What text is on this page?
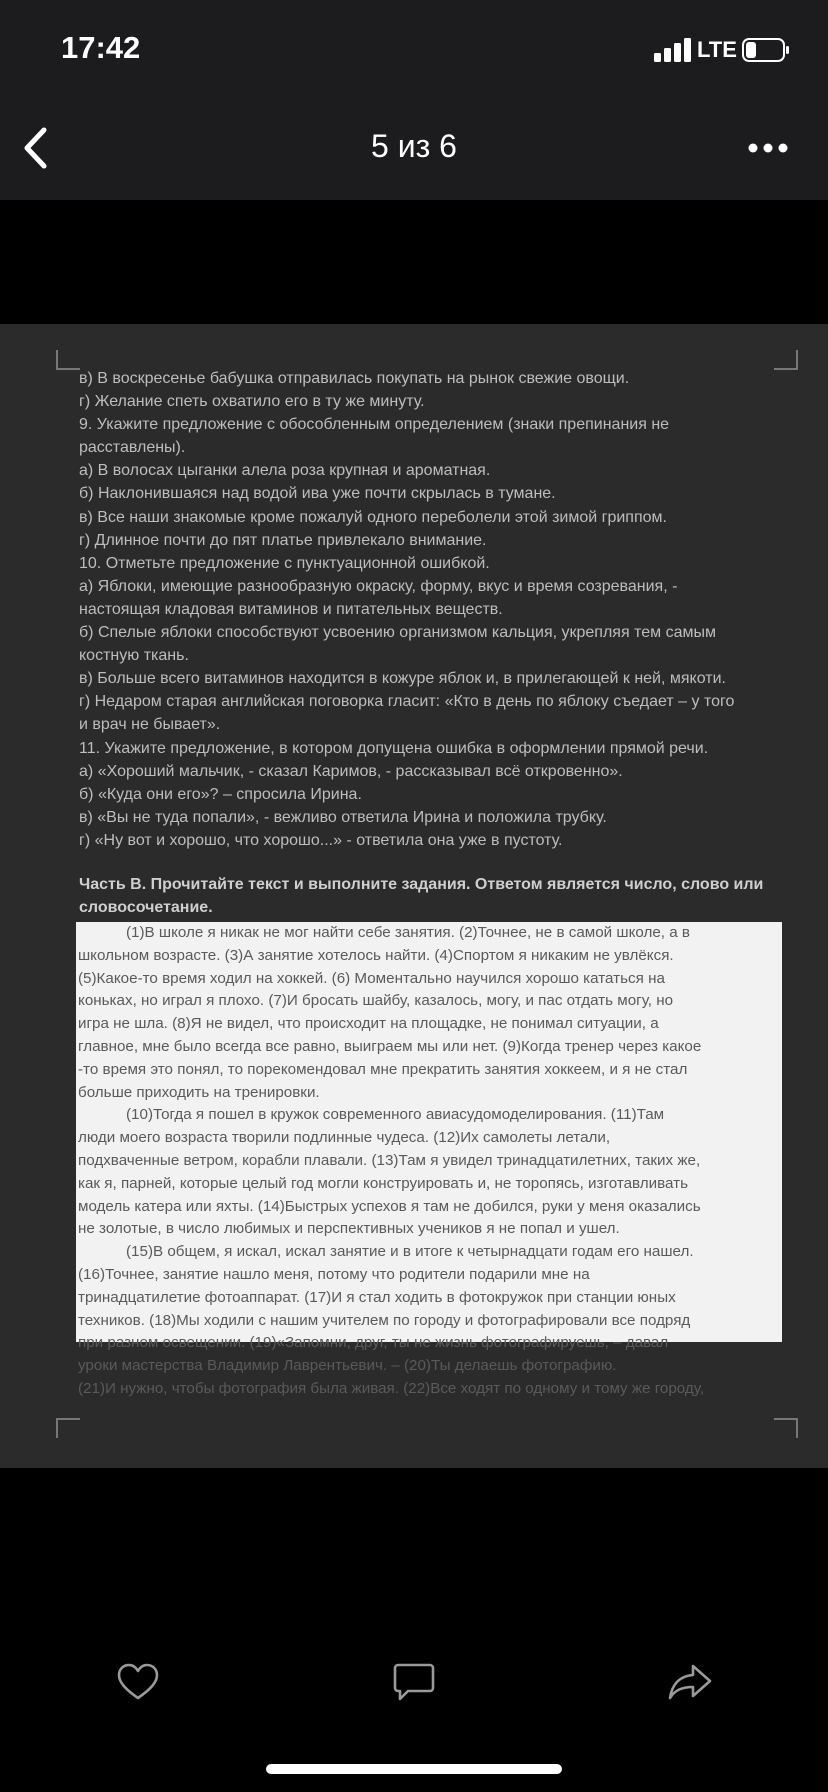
17:42	LTE
5 из 6
в) В воскресенье бабушка отправилась покупать на рынок свежие овощи.
г) Желание спеть охватило его в ту же минуту.
9. Укажите предложение с обособленным определением (знаки препинания не
расставлены).
а) В волосах цыганки алела роза крупная и ароматная.
б) Наклонившаяся над водой ива уже почти скрылась в тумане.
в) Все наши знакомые кроме пожалуй одного переболели этой зимой гриппом.
г) Длинное почти до пят платье привлекало внимание.
10. Отметьте предложение с пунктуационной ошибкой.
а) Яблоки, имеющие разнообразную окраску, форму, вкус и время созревания, -
настоящая кладовая витаминов и питательных веществ.
б) Спелые яблоки способствуют усвоению организмом кальция, укрепляя тем самым
костную ткань.
в) Больше всего витаминов находится в кожуре яблок и, в прилегающей к ней, мякоти.
г) Недаром старая английская поговорка гласит: «Кто в день по яблоку съедает – у того
и врач не бывает».
11. Укажите предложение, в котором допущена ошибка в оформлении прямой речи.
а) «Хороший мальчик, - сказал Каримов, - рассказывал всё откровенно».
б) «Куда они его»? – спросила Ирина.
в) «Вы не туда попали», - вежливо ответила Ирина и положила трубку.
г) «Ну вот и хорошо, что хорошо...» - ответила она уже в пустоту.
Часть В. Прочитайте текст и выполните задания. Ответом является число, слово или
словосочетание.
(1)В школе я никак не мог найти себе занятия. (2)Точнее, не в самой школе, а в
школьном возрасте. (3)А занятие хотелось найти. (4)Спортом я никаким не увлёкся.
(5)Какое-то время ходил на хоккей. (6) Моментально научился хорошо кататься на
коньках, но играл я плохо. (7)И бросать шайбу, казалось, могу, и пас отдать могу, но
игра не шла. (8)Я не видел, что происходит на площадке, не понимал ситуации, а
главное, мне было всегда все равно, выиграем мы или нет. (9)Когда тренер через какое
-то время это понял, то порекомендовал мне прекратить занятия хоккеем, и я не стал
больше приходить на тренировки.
(10)Тогда я пошел в кружок современного авиасудомоделирования. (11)Там
люди моего возраста творили подлинные чудеса. (12)Их самолеты летали,
подхваченные ветром, корабли плавали. (13)Там я увидел тринадцатилетних, таких же,
как я, парней, которые целый год могли конструировать и, не торопясь, изготавливать
модель катера или яхты. (14)Быстрых успехов я там не добился, руки у меня оказались
не золотые, в число любимых и перспективных учеников я не попал и ушел.
(15)В общем, я искал, искал занятие и в итоге к четырнадцати годам его нашел.
(16)Точнее, занятие нашло меня, потому что родители подарили мне на
тринадцатилетие фотоаппарат. (17)И я стал ходить в фотокружок при станции юных
техников. (18)Мы ходили с нашим учителем по городу и фотографировали все подряд
при разном освещении. (19)«Запомни, друг, ты не жизнь фотографируешь, – давал
уроки мастерства Владимир Лаврентьевич. – (20)Ты делаешь фотографию.
(21)И нужно, чтобы фотография была живая. (22)Все ходят по одному и тому же городу,
